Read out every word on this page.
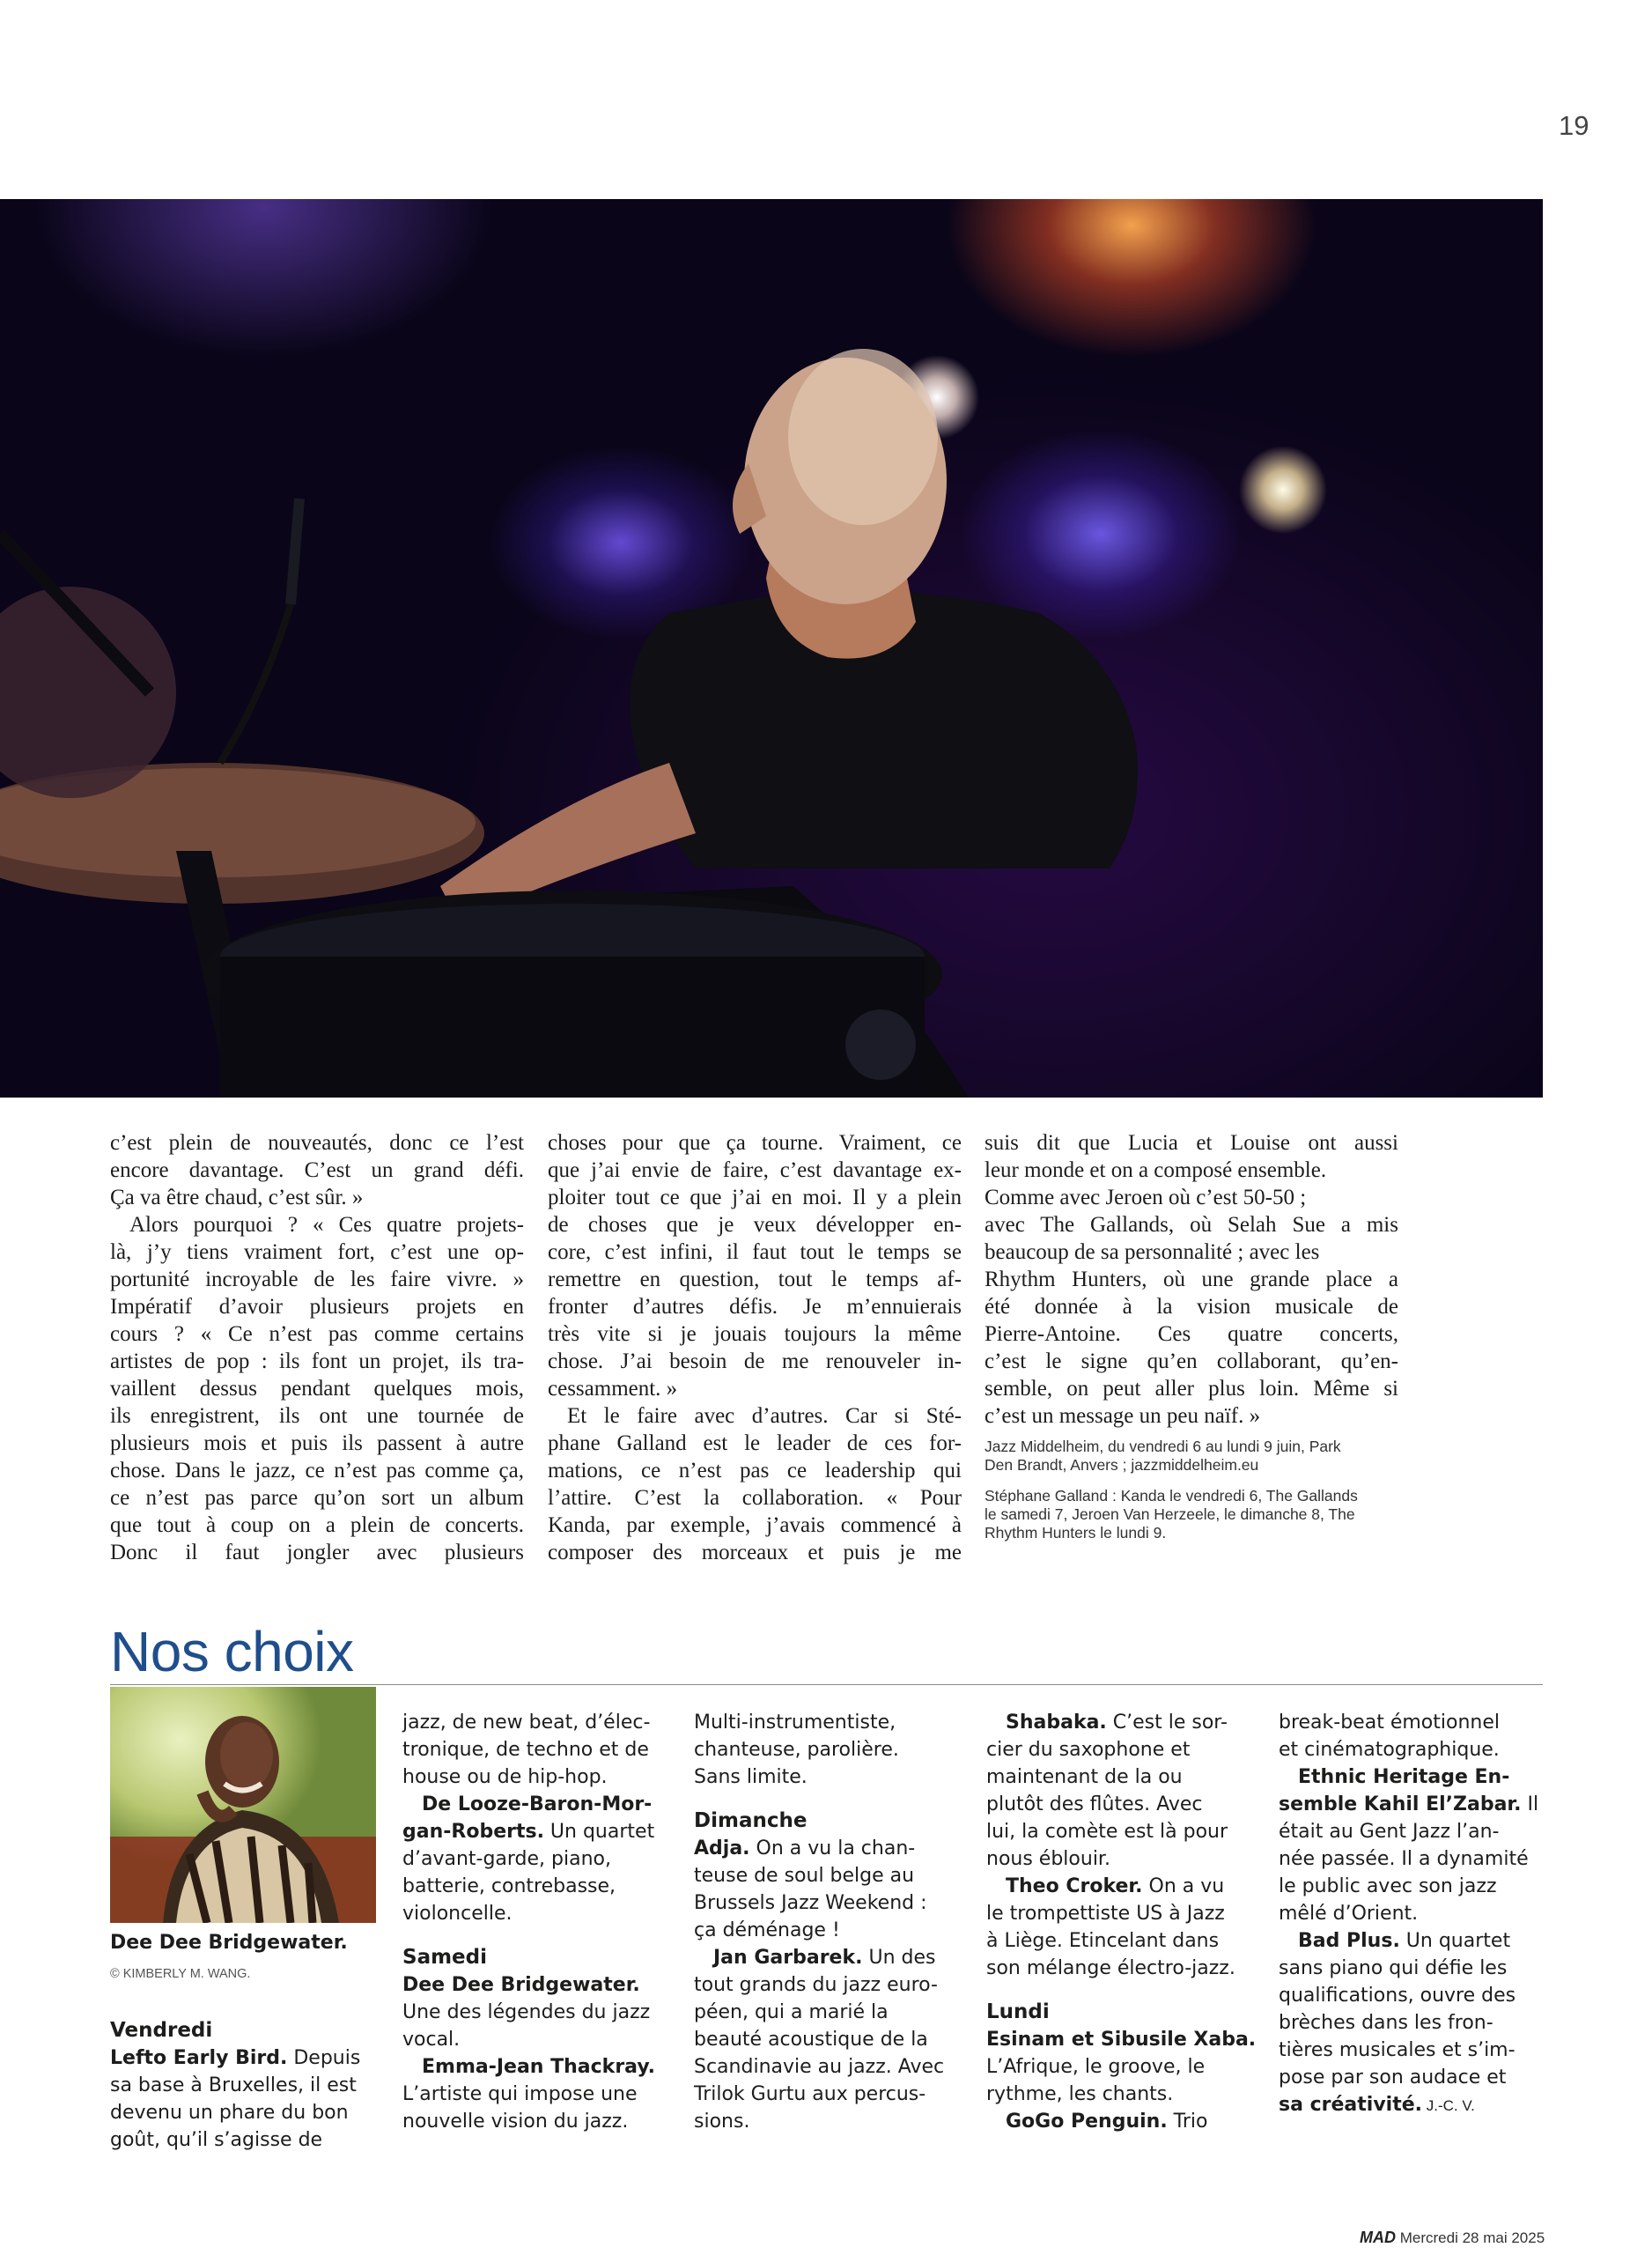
19

c’est plein de nouveautés, donc ce l’est

encore davantage. C’est un grand défi.

Ça va être chaud, c’est sûr. »

Alors pourquoi ? « Ces quatre projets-

là, j’y tiens vraiment fort, c’est une op-

portunité incroyable de les faire vivre. »

Impératif d’avoir plusieurs projets en

cours ? « Ce n’est pas comme certains

artistes de pop : ils font un projet, ils tra-

vaillent dessus pendant quelques mois,

ils enregistrent, ils ont une tournée de

plusieurs mois et puis ils passent à autre

chose. Dans le jazz, ce n’est pas comme ça,

ce n’est pas parce qu’on sort un album

que tout à coup on a plein de concerts.

Donc il faut jongler avec plusieurs

choses pour que ça tourne. Vraiment, ce

que j’ai envie de faire, c’est davantage ex-

ploiter tout ce que j’ai en moi. Il y a plein

de choses que je veux développer en-

core, c’est infini, il faut tout le temps se

remettre en question, tout le temps af-

fronter d’autres défis. Je m’ennuierais

très vite si je jouais toujours la même

chose. J’ai besoin de me renouveler in-

cessamment. »

Et le faire avec d’autres. Car si Sté-

phane Galland est le leader de ces for-

mations, ce n’est pas ce leadership qui

l’attire. C’est la collaboration. « Pour

Kanda, par exemple, j’avais commencé à

composer des morceaux et puis je me

suis dit que Lucia et Louise ont aussi

leur monde et on a composé ensemble.

Comme avec Jeroen où c’est 50-50 ;

avec The Gallands, où Selah Sue a mis

beaucoup de sa personnalité ; avec les

Rhythm Hunters, où une grande place a

été donnée à la vision musicale de

Pierre-Antoine. Ces quatre concerts,

c’est le signe qu’en collaborant, qu’en-

semble, on peut aller plus loin. Même si

c’est un message un peu naïf. »

Jazz Middelheim, du vendredi 6 au lundi 9 juin, Park
Den Brandt, Anvers ; jazzmiddelheim.eu
Stéphane Galland : Kanda le vendredi 6, The Gallands
le samedi 7, Jeroen Van Herzeele, le dimanche 8, The
Rhythm Hunters le lundi 9.
Nos choix
Dee Dee Bridgewater.
© KIMBERLY M. WANG.

Vendredi

Lefto Early Bird. Depuis

sa base à Bruxelles, il est

devenu un phare du bon

goût, qu’il s’agisse de

jazz, de new beat, d’élec-

tronique, de techno et de

house ou de hip-hop.

De Looze-Baron-Mor-

gan-Roberts. Un quartet

d’avant-garde, piano,

batterie, contrebasse,

violoncelle.

Samedi

Dee Dee Bridgewater.

Une des légendes du jazz

vocal.

Emma-Jean Thackray.

L’artiste qui impose une

nouvelle vision du jazz.

Multi-instrumentiste,

chanteuse, parolière.

Sans limite.

Dimanche

Adja. On a vu la chan-

teuse de soul belge au

Brussels Jazz Weekend :

ça déménage !

Jan Garbarek. Un des

tout grands du jazz euro-

péen, qui a marié la

beauté acoustique de la

Scandinavie au jazz. Avec

Trilok Gurtu aux percus-

sions.

Shabaka. C’est le sor-

cier du saxophone et

maintenant de la ou

plutôt des flûtes. Avec

lui, la comète est là pour

nous éblouir.

Theo Croker. On a vu

le trompettiste US à Jazz

à Liège. Etincelant dans

son mélange électro-jazz.

Lundi

Esinam et Sibusile Xaba.

L’Afrique, le groove, le

rythme, les chants.

GoGo Penguin. Trio

break-beat émotionnel

et cinématographique.

Ethnic Heritage En-

semble Kahil El’Zabar. Il

était au Gent Jazz l’an-

née passée. Il a dynamité

le public avec son jazz

mêlé d’Orient.

Bad Plus. Un quartet

sans piano qui défie les

qualifications, ouvre des

brèches dans les fron-

tières musicales et s’im-

pose par son audace et

sa créativité. J.-C. V.

MAD Mercredi 28 mai 2025
